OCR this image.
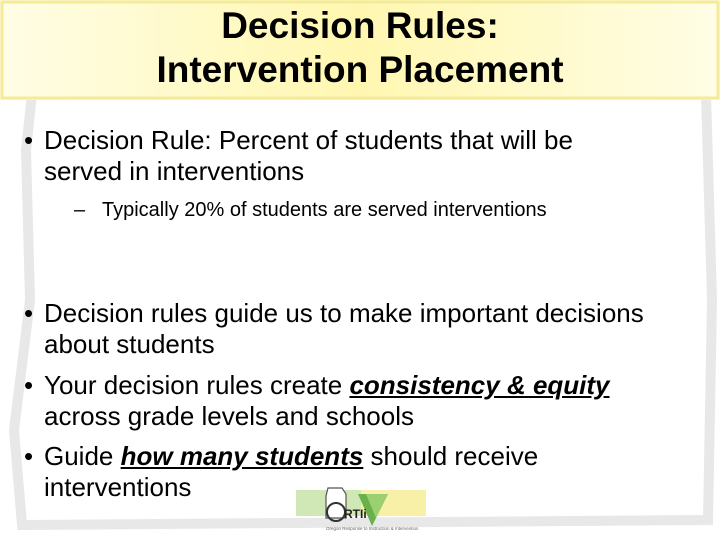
Decision Rules:
Intervention Placement
• Decision Rule: Percent of students that will be served in interventions
– Typically 20% of students are served interventions
• Decision rules guide us to make important decisions about students
• Your decision rules create consistency & equity across grade levels and schools
• Guide how many students should receive interventions
RTIi
Oregon Response to Instruction & Intervention
